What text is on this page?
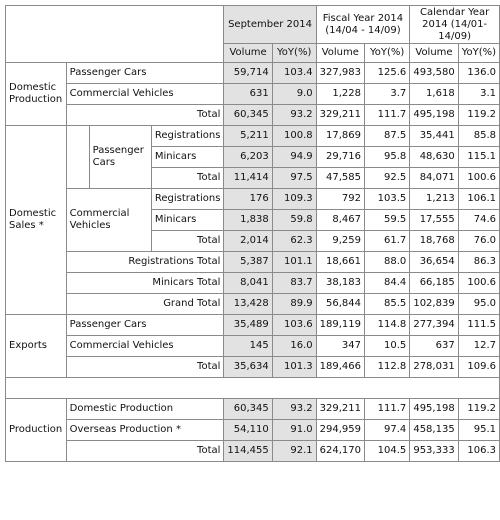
				September 2014		Fiscal Year 2014 (14/04 - 14/09)		Calendar Year 2014 (14/01-14/09)	
				Volume	YoY(%)	Volume	YoY(%)	Volume	YoY(%)
Domestic Production	Passenger Cars			59,714	103.4	327,983	125.6	493,580	136.0
	Commercial Vehicles			631	9.0	1,228	3.7	1,618	3.1
	Total			60,345	93.2	329,211	111.7	495,198	119.2
Domestic Sales *		Passenger Cars	Registrations	5,211	100.8	17,869	87.5	35,441	85.8
			Minicars	6,203	94.9	29,716	95.8	48,630	115.1
			Total	11,414	97.5	47,585	92.5	84,071	100.6
	Commercial Vehicles		Registrations	176	109.3	792	103.5	1,213	106.1
			Minicars	1,838	59.8	8,467	59.5	17,555	74.6
			Total	2,014	62.3	9,259	61.7	18,768	76.0
	Registrations Total			5,387	101.1	18,661	88.0	36,654	86.3
	Minicars Total			8,041	83.7	38,183	84.4	66,185	100.6
	Grand Total			13,428	89.9	56,844	85.5	102,839	95.0
Exports	Passenger Cars			35,489	103.6	189,119	114.8	277,394	111.5
	Commercial Vehicles			145	16.0	347	10.5	637	12.7
	Total			35,634	101.3	189,466	112.8	278,031	109.6

Production	Domestic Production			60,345	93.2	329,211	111.7	495,198	119.2
	Overseas Production *			54,110	91.0	294,959	97.4	458,135	95.1
	Total			114,455	92.1	624,170	104.5	953,333	106.3
